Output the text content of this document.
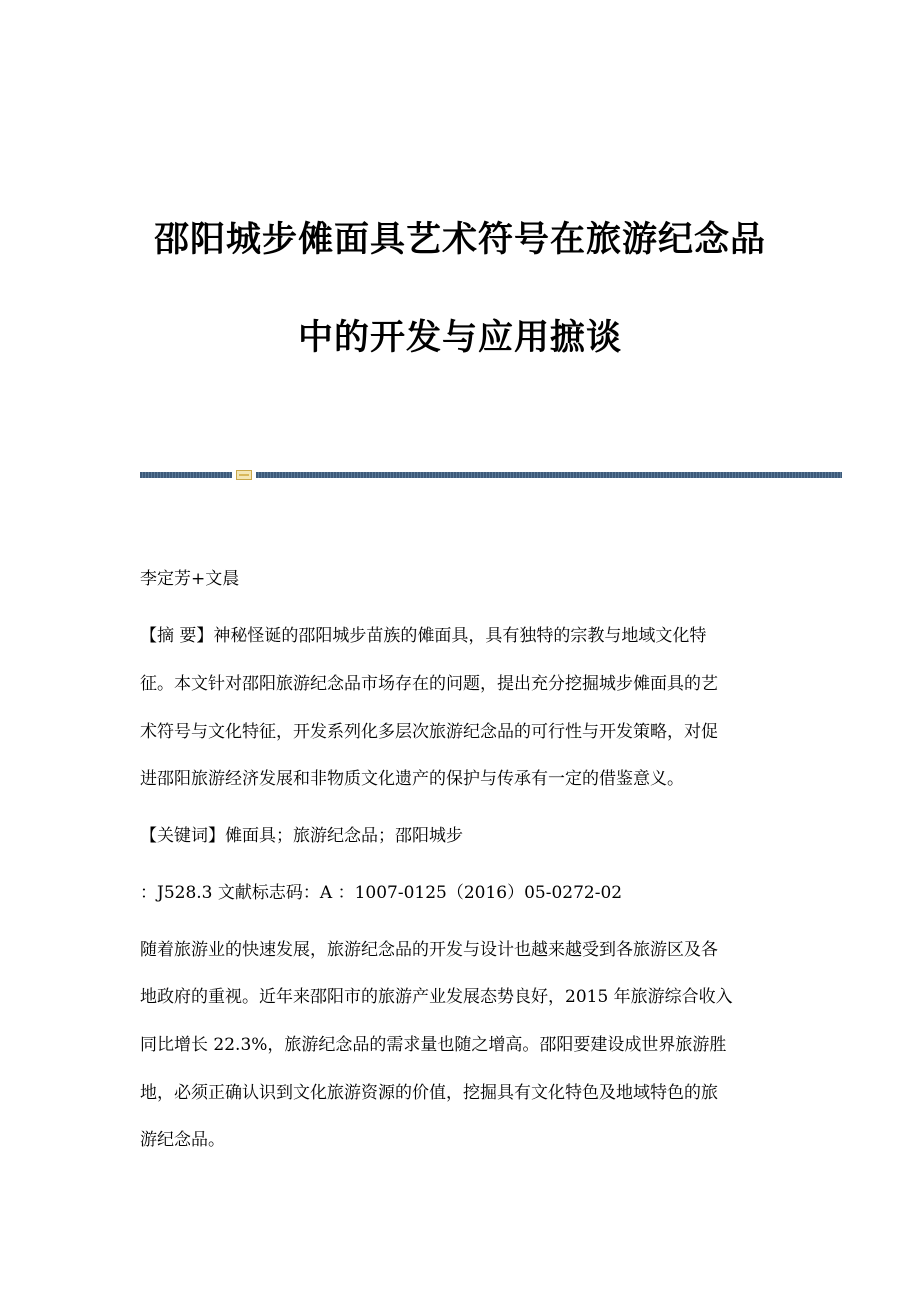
邵阳城步傩面具艺术符号在旅游纪念品
中的开发与应用摭谈
李定芳+文晨
【摘 要】神秘怪诞的邵阳城步苗族的傩面具，具有独特的宗教与地域文化特
征。本文针对邵阳旅游纪念品市场存在的问题，提出充分挖掘城步傩面具的艺
术符号与文化特征，开发系列化多层次旅游纪念品的可行性与开发策略，对促
进邵阳旅游经济发展和非物质文化遗产的保护与传承有一定的借鉴意义。
【关键词】傩面具；旅游纪念品；邵阳城步
：J528.3 文献标志码：A ：1007-0125（2016）05-0272-02
随着旅游业的快速发展，旅游纪念品的开发与设计也越来越受到各旅游区及各
地政府的重视。近年来邵阳市的旅游产业发展态势良好，2015 年旅游综合收入
同比增长 22.3%，旅游纪念品的需求量也随之增高。邵阳要建设成世界旅游胜
地，必须正确认识到文化旅游资源的价值，挖掘具有文化特色及地域特色的旅
游纪念品。
